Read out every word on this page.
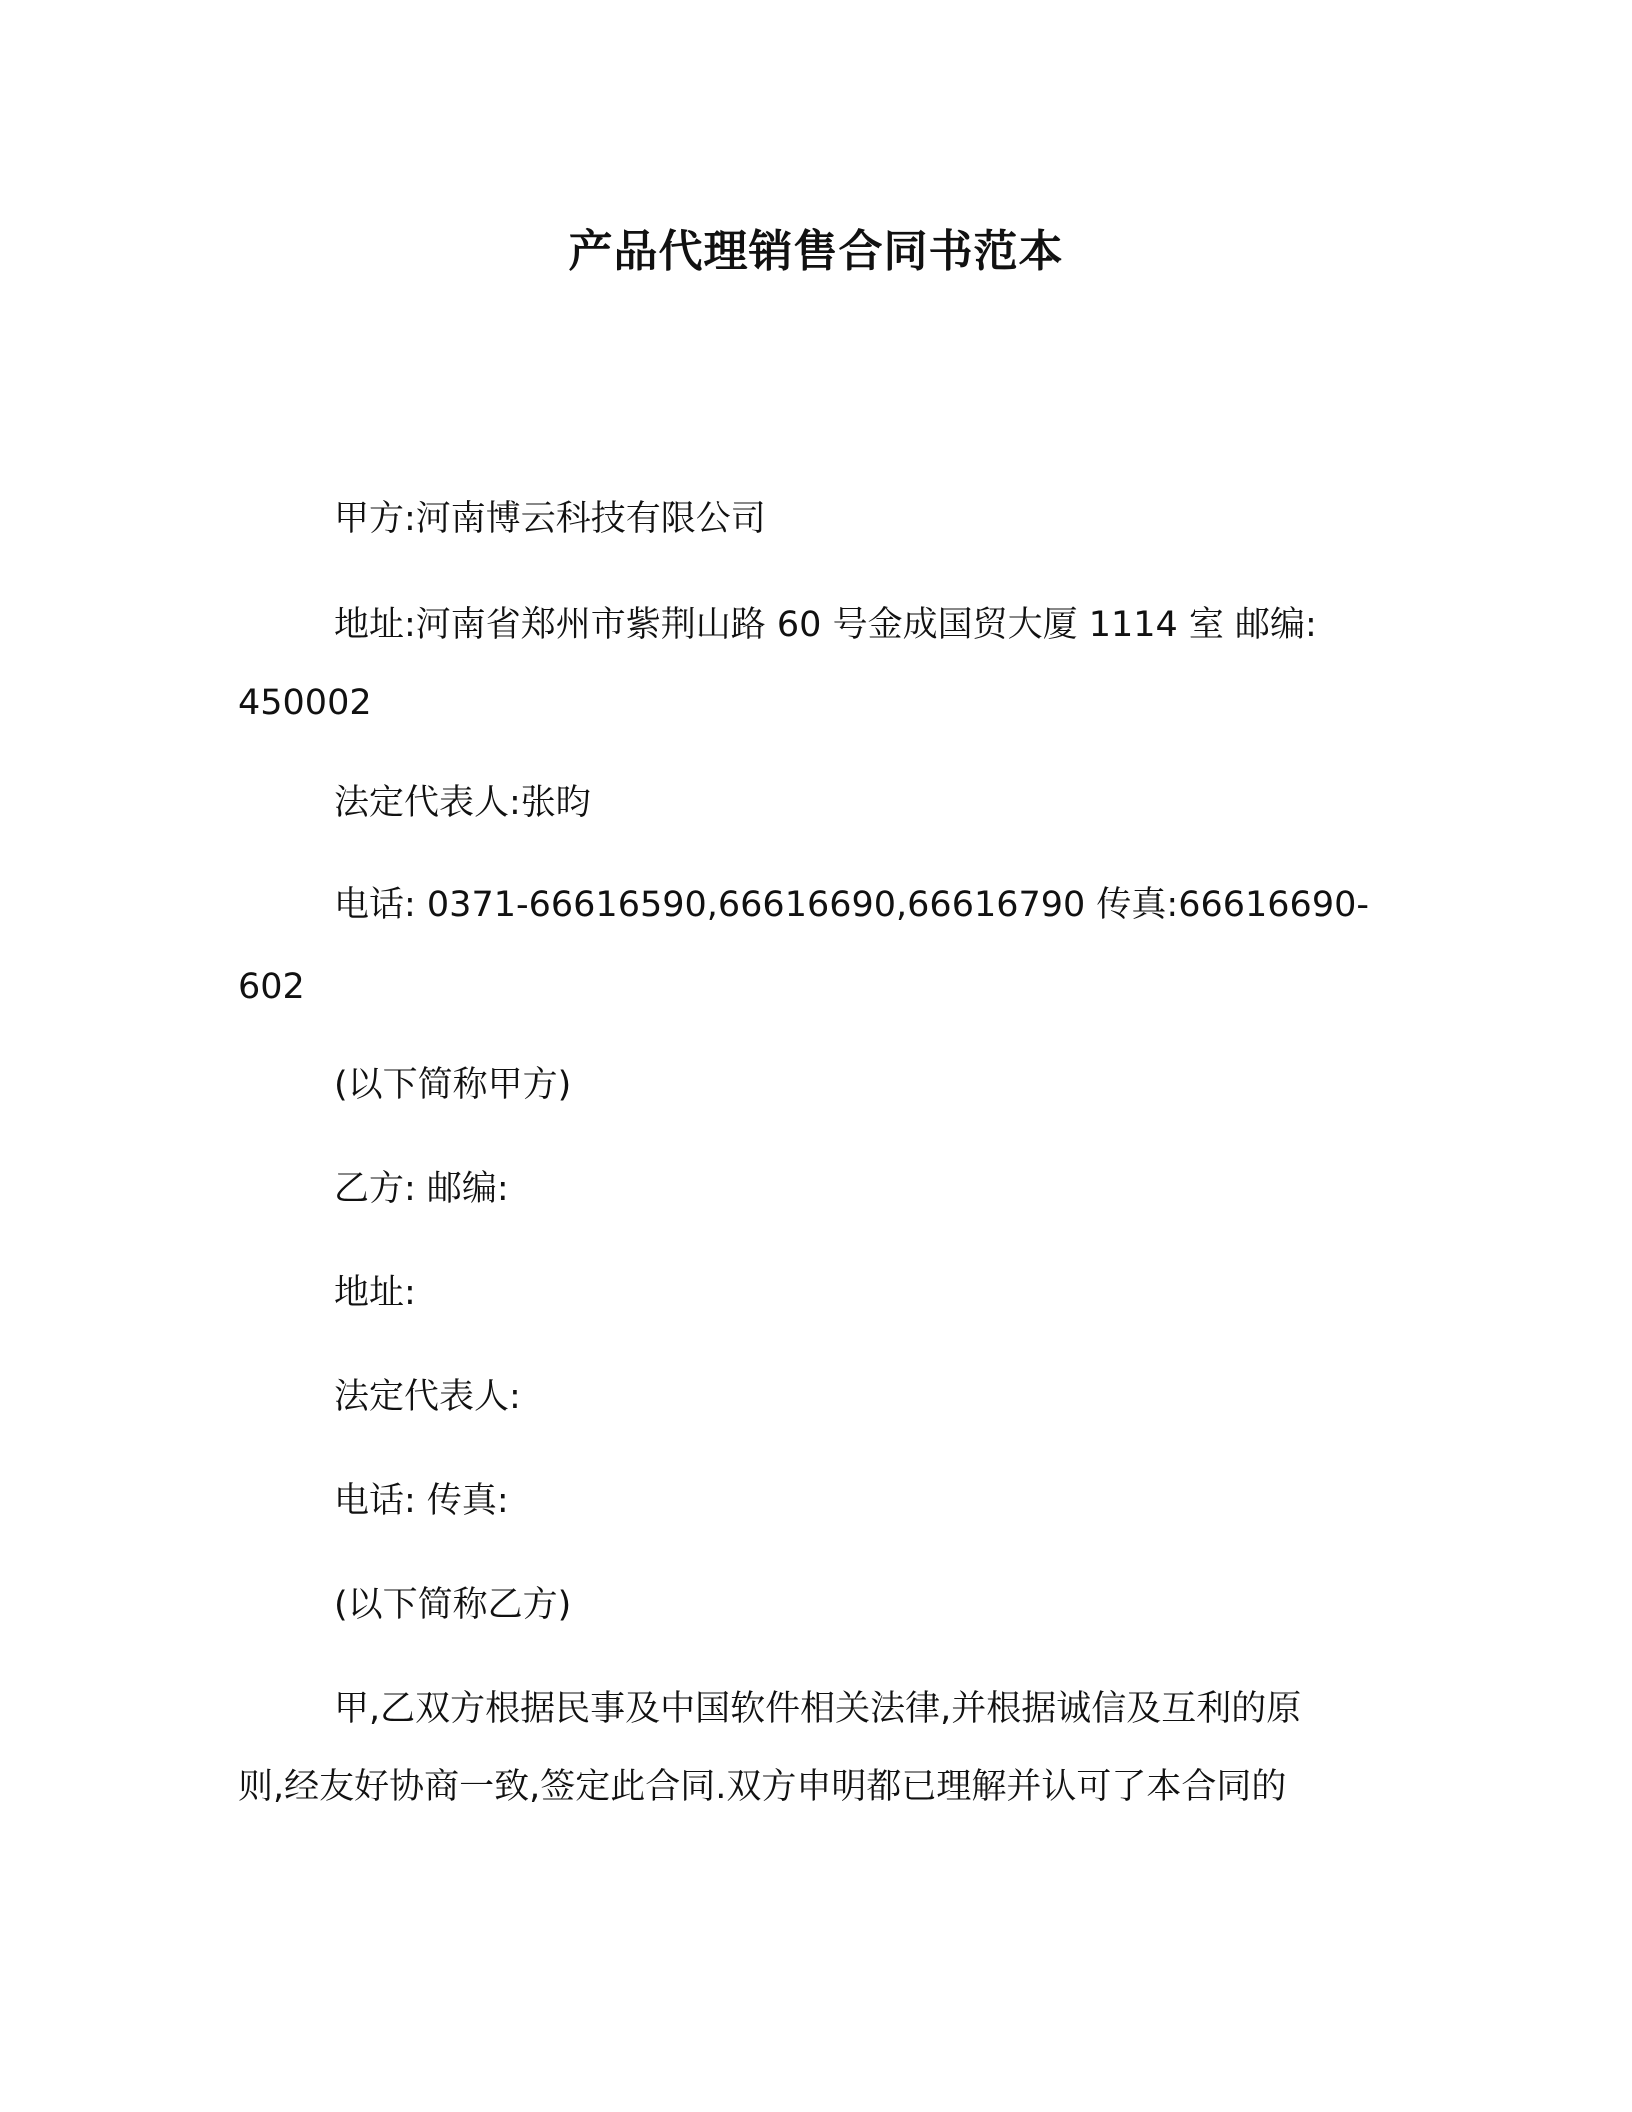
产品代理销售合同书范本
甲方:河南博云科技有限公司
地址:河南省郑州市紫荆山路 60 号金成国贸大厦 1114 室 邮编:
450002
法定代表人:张昀
电话: 0371-66616590,66616690,66616790 传真:66616690-
602
(以下简称甲方)
乙方: 邮编:
地址:
法定代表人:
电话: 传真:
(以下简称乙方)
甲,乙双方根据民事及中国软件相关法律,并根据诚信及互利的原
则,经友好协商一致,签定此合同.双方申明都已理解并认可了本合同的
